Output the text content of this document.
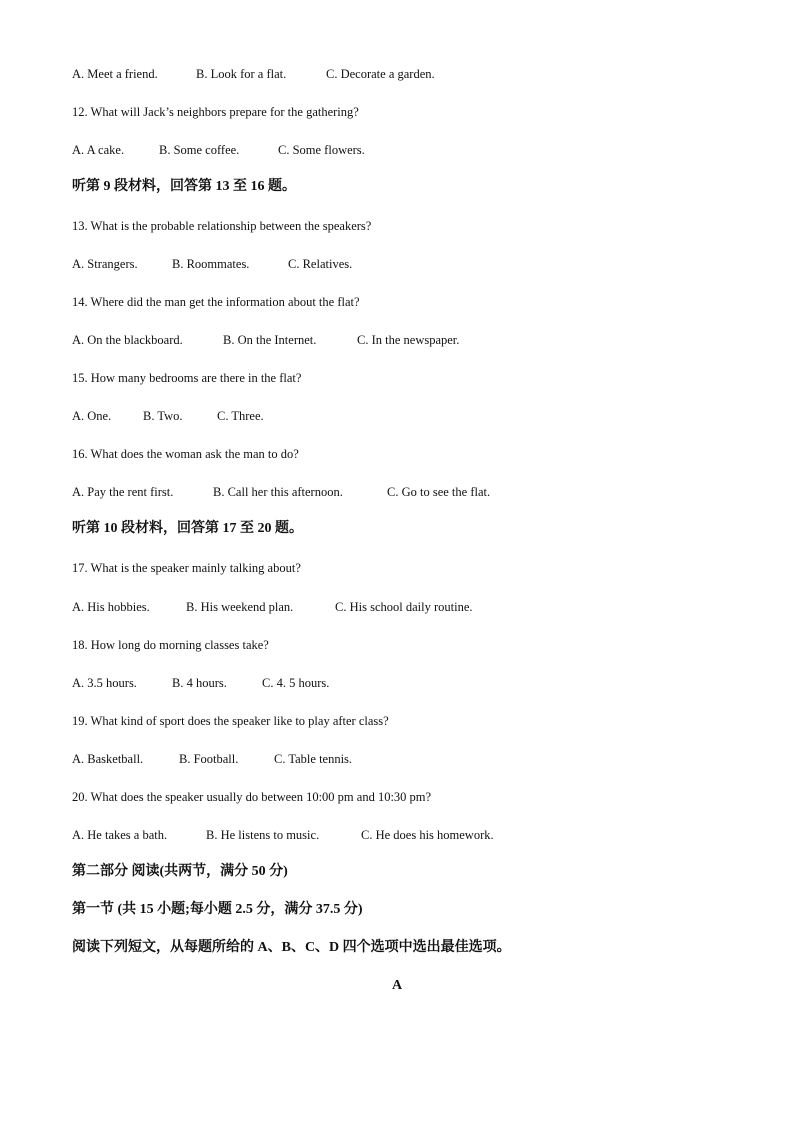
A. Meet a friend.	B. Look for a flat.	C. Decorate a garden.
12. What will Jack’s neighbors prepare for the gathering?
A. A cake.	B. Some coffee.	C. Some flowers.
听第 9 段材料，回答第 13 至 16 题。
13. What is the probable relationship between the speakers?
A. Strangers.	B. Roommates.	C. Relatives.
14. Where did the man get the information about the flat?
A. On the blackboard.	B. On the Internet.	C. In the newspaper.
15. How many bedrooms are there in the flat?
A. One.	B. Two.	C. Three.
16. What does the woman ask the man to do?
A. Pay the rent first.	B. Call her this afternoon.	C. Go to see the flat.
听第 10 段材料，回答第 17 至 20 题。
17. What is the speaker mainly talking about?
A. His hobbies.	B. His weekend plan.	C. His school daily routine.
18. How long do morning classes take?
A. 3.5 hours.	B. 4 hours.	C. 4. 5 hours.
19. What kind of sport does the speaker like to play after class?
A. Basketball.	B. Football.	C. Table tennis.
20. What does the speaker usually do between 10:00 pm and 10:30 pm?
A. He takes a bath.	B. He listens to music.	C. He does his homework.
第二部分 阅读(共两节，满分 50 分)
第一节 (共 15 小题;每小题 2.5 分，满分 37.5 分)
阅读下列短文，从每题所给的 A、B、C、D 四个选项中选出最佳选项。
A
